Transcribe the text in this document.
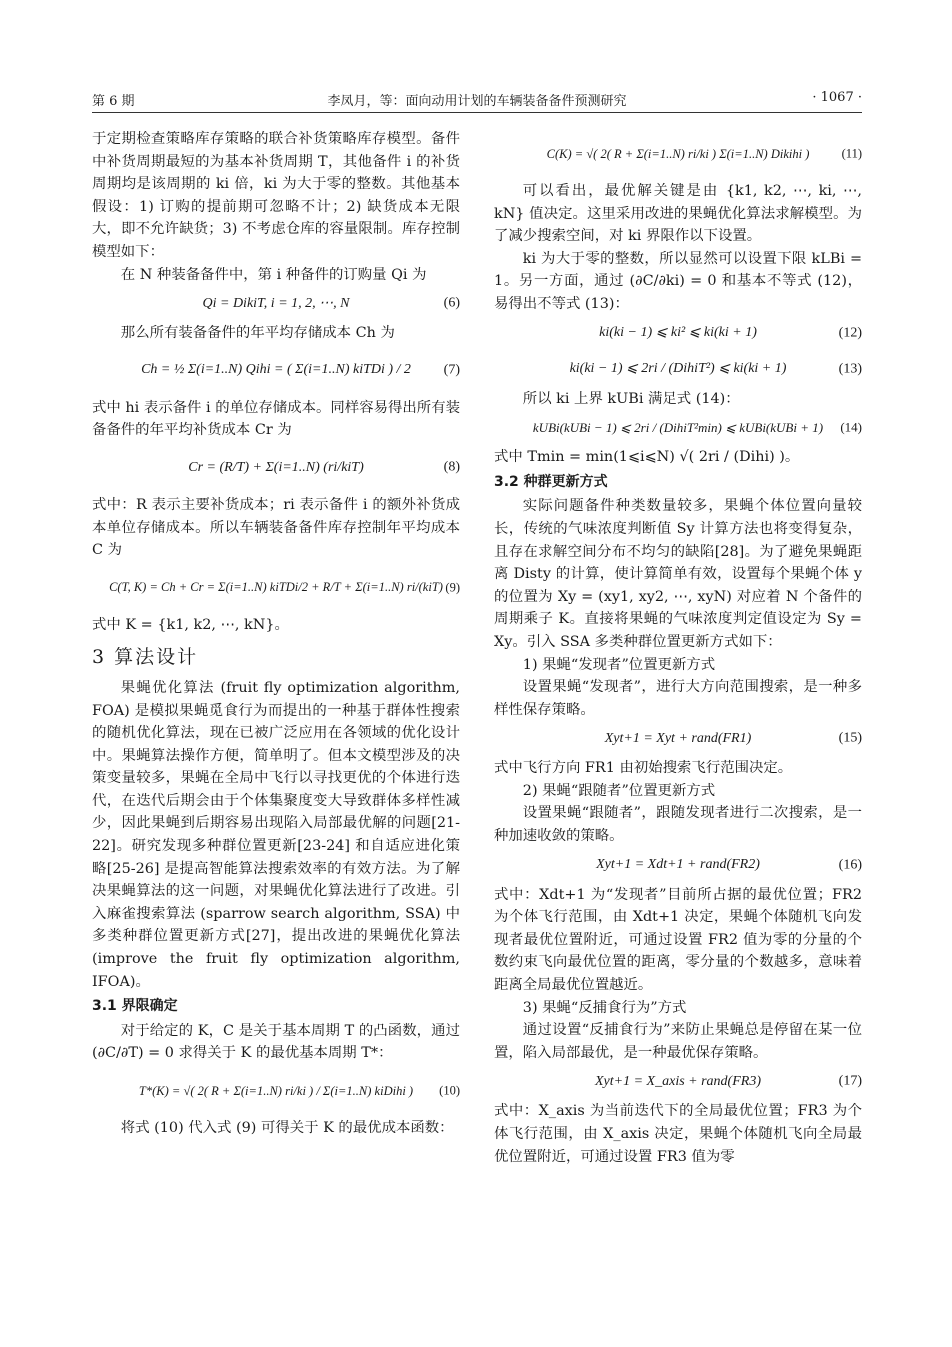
第 6 期	李凤月，等：面向动用计划的车辆装备备件预测研究	· 1067 ·

于定期检查策略库存策略的联合补货策略库存模型。备件中补货周期最短的为基本补货周期 T，其他备件 i 的补货周期均是该周期的 ki 倍，ki 为大于零的整数。其他基本假设：1) 订购的提前期可忽略不计；2) 缺货成本无限大，即不允许缺货；3) 不考虑仓库的容量限制。库存控制模型如下：

在 N 种装备备件中，第 i 种备件的订购量 Qi 为

Qi = DikiT, i = 1, 2, ⋯, N	(6)

那么所有装备备件的年平均存储成本 Ch 为

Ch = ½ Σ(i=1..N) Qihi = ( Σ(i=1..N) kiTDi ) / 2 (7)

式中 hi 表示备件 i 的单位存储成本。同样容易得出所有装备备件的年平均补货成本 Cr 为

Cr = (R/T) + Σ(i=1..N) (ri/kiT)	(8)

式中：R 表示主要补货成本；ri 表示备件 i 的额外补货成本单位存储成本。所以车辆装备备件库存控制年平均成本 C 为

C(T, K) = Ch + Cr = Σ(i=1..N) kiTDi/2 + R/T + Σ(i=1..N) ri/(kiT) (9)

式中 K = {k1, k2, ⋯, kN}。

3 算法设计

果蝇优化算法 (fruit fly optimization algorithm, FOA) 是模拟果蝇觅食行为而提出的一种基于群体性搜索的随机优化算法，现在已被广泛应用在各领域的优化设计中。果蝇算法操作方便，简单明了。但本文模型涉及的决策变量较多，果蝇在全局中飞行以寻找更优的个体进行迭代，在迭代后期会由于个体集聚度变大导致群体多样性减少，因此果蝇到后期容易出现陷入局部最优解的问题[21-22]。研究发现多种群位置更新[23-24] 和自适应进化策略[25-26] 是提高智能算法搜索效率的有效方法。为了解决果蝇算法的这一问题，对果蝇优化算法进行了改进。引入麻雀搜索算法 (sparrow search algorithm, SSA) 中多类种群位置更新方式[27]，提出改进的果蝇优化算法 (improve the fruit fly optimization algorithm, IFOA)。

3.1 界限确定

对于给定的 K，C 是关于基本周期 T 的凸函数，通过 (∂C/∂T) = 0 求得关于 K 的最优基本周期 T*：

T*(K) = √( 2( R + Σ(i=1..N) ri/ki ) / Σ(i=1..N) kiDihi ) (10)

将式 (10) 代入式 (9) 可得关于 K 的最优成本函数：

C(K) = √( 2( R + Σ(i=1..N) ri/ki ) Σ(i=1..N) Dikihi )	(11)

可以看出，最优解关键是由 {k1, k2, ⋯, ki, ⋯, kN} 值决定。这里采用改进的果蝇优化算法求解模型。为了减少搜索空间，对 ki 界限作以下设置。

ki 为大于零的整数，所以显然可以设置下限 kLBi = 1。另一方面，通过 (∂C/∂ki) = 0 和基本不等式 (12)，易得出不等式 (13)：

ki(ki − 1) ⩽ ki² ⩽ ki(ki + 1)	(12)
ki(ki − 1) ⩽ 2ri / (DihiT²) ⩽ ki(ki + 1)	(13)

所以 ki 上界 kUBi 满足式 (14)：

kUBi(kUBi − 1) ⩽ 2ri / (DihiT²min) ⩽ kUBi(kUBi + 1) (14)

式中 Tmin = min(1⩽i⩽N) √( 2ri / (Dihi) )。

3.2 种群更新方式

实际问题备件种类数量较多，果蝇个体位置向量较长，传统的气味浓度判断值 Sy 计算方法也将变得复杂，且存在求解空间分布不均匀的缺陷[28]。为了避免果蝇距离 Disty 的计算，使计算简单有效，设置每个果蝇个体 y 的位置为 Xy = (xy1, xy2, ⋯, xyN) 对应着 N 个备件的周期乘子 K。直接将果蝇的气味浓度判定值设定为 Sy = Xy。引入 SSA 多类种群位置更新方式如下：

1) 果蝇“发现者”位置更新方式

设置果蝇“发现者”，进行大方向范围搜索，是一种多样性保存策略。

Xyt+1 = Xyt + rand(FR1)	(15)

式中飞行方向 FR1 由初始搜索飞行范围决定。

2) 果蝇“跟随者”位置更新方式

设置果蝇“跟随者”，跟随发现者进行二次搜索，是一种加速收敛的策略。

Xyt+1 = Xdt+1 + rand(FR2)	(16)

式中：Xdt+1 为“发现者”目前所占据的最优位置；FR2 为个体飞行范围，由 Xdt+1 决定，果蝇个体随机飞向发现者最优位置附近，可通过设置 FR2 值为零的分量的个数约束飞向最优位置的距离，零分量的个数越多，意味着距离全局最优位置越近。

3) 果蝇“反捕食行为”方式

通过设置“反捕食行为”来防止果蝇总是停留在某一位置，陷入局部最优，是一种最优保存策略。

Xyt+1 = X_axis + rand(FR3)	(17)

式中：X_axis 为当前迭代下的全局最优位置；FR3 为个体飞行范围，由 X_axis 决定，果蝇个体随机飞向全局最优位置附近，可通过设置 FR3 值为零
